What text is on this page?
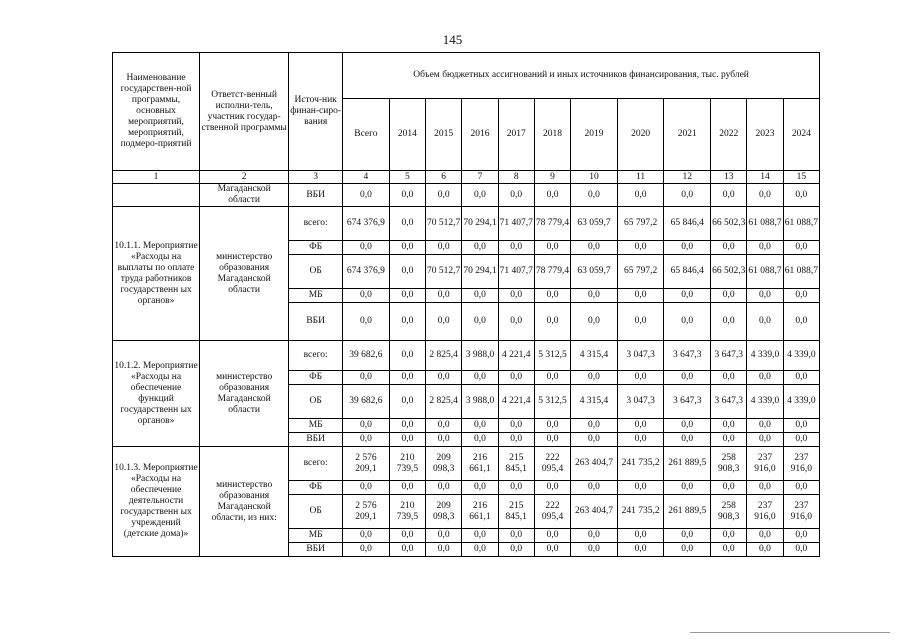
145
Наименование государствен-ной программы, основных мероприятий, мероприятий, подмеро-приятий	Ответст-венный исполни-тель, участник государ-ственной программы	Источ-ник финан-сиро-вания	Объем бюджетных ассигнований и иных источников финансирования, тыс. рублей											
			Всего	2014	2015	2016	2017	2018	2019	2020	2021	2022	2023	2024
1	2	3	4	5	6	7	8	9	10	11	12	13	14	15
	Магаданской области	ВБИ	0,0	0,0	0,0	0,0	0,0	0,0	0,0	0,0	0,0	0,0	0,0	0,0
10.1.1. Мероприятие «Расходы на выплаты по оплате труда работников государственн ых органов»	министерство образования Магаданской области	всего:	674 376,9	0,0	70 512,7	70 294,1	71 407,7	78 779,4	63 059,7	65 797,2	65 846,4	66 502,3	61 088,7	61 088,7
		ФБ	0,0	0,0	0,0	0,0	0,0	0,0	0,0	0,0	0,0	0,0	0,0	0,0
		ОБ	674 376,9	0,0	70 512,7	70 294,1	71 407,7	78 779,4	63 059,7	65 797,2	65 846,4	66 502,3	61 088,7	61 088,7
		МБ	0,0	0,0	0,0	0,0	0,0	0,0	0,0	0,0	0,0	0,0	0,0	0,0
		ВБИ	0,0	0,0	0,0	0,0	0,0	0,0	0,0	0,0	0,0	0,0	0,0	0,0
10.1.2. Мероприятие «Расходы на обеспечение функций государственн ых органов»	министерство образования Магаданской области	всего:	39 682,6	0,0	2 825,4	3 988,0	4 221,4	5 312,5	4 315,4	3 047,3	3 647,3	3 647,3	4 339,0	4 339,0
		ФБ	0,0	0,0	0,0	0,0	0,0	0,0	0,0	0,0	0,0	0,0	0,0	0,0
		ОБ	39 682,6	0,0	2 825,4	3 988,0	4 221,4	5 312,5	4 315,4	3 047,3	3 647,3	3 647,3	4 339,0	4 339,0
		МБ	0,0	0,0	0,0	0,0	0,0	0,0	0,0	0,0	0,0	0,0	0,0	0,0
		ВБИ	0,0	0,0	0,0	0,0	0,0	0,0	0,0	0,0	0,0	0,0	0,0	0,0
10.1.3. Мероприятие «Расходы на обеспечение деятельности государственн ых учреждений (детские дома)»	министерство образования Магаданской области, из них:	всего:	2 576 209,1	210 739,5	209 098,3	216 661,1	215 845,1	222 095,4	263 404,7	241 735,2	261 889,5	258 908,3	237 916,0	237 916,0
		ФБ	0,0	0,0	0,0	0,0	0,0	0,0	0,0	0,0	0,0	0,0	0,0	0,0
		ОБ	2 576 209,1	210 739,5	209 098,3	216 661,1	215 845,1	222 095,4	263 404,7	241 735,2	261 889,5	258 908,3	237 916,0	237 916,0
		МБ	0,0	0,0	0,0	0,0	0,0	0,0	0,0	0,0	0,0	0,0	0,0	0,0
		ВБИ	0,0	0,0	0,0	0,0	0,0	0,0	0,0	0,0	0,0	0,0	0,0	0,0
